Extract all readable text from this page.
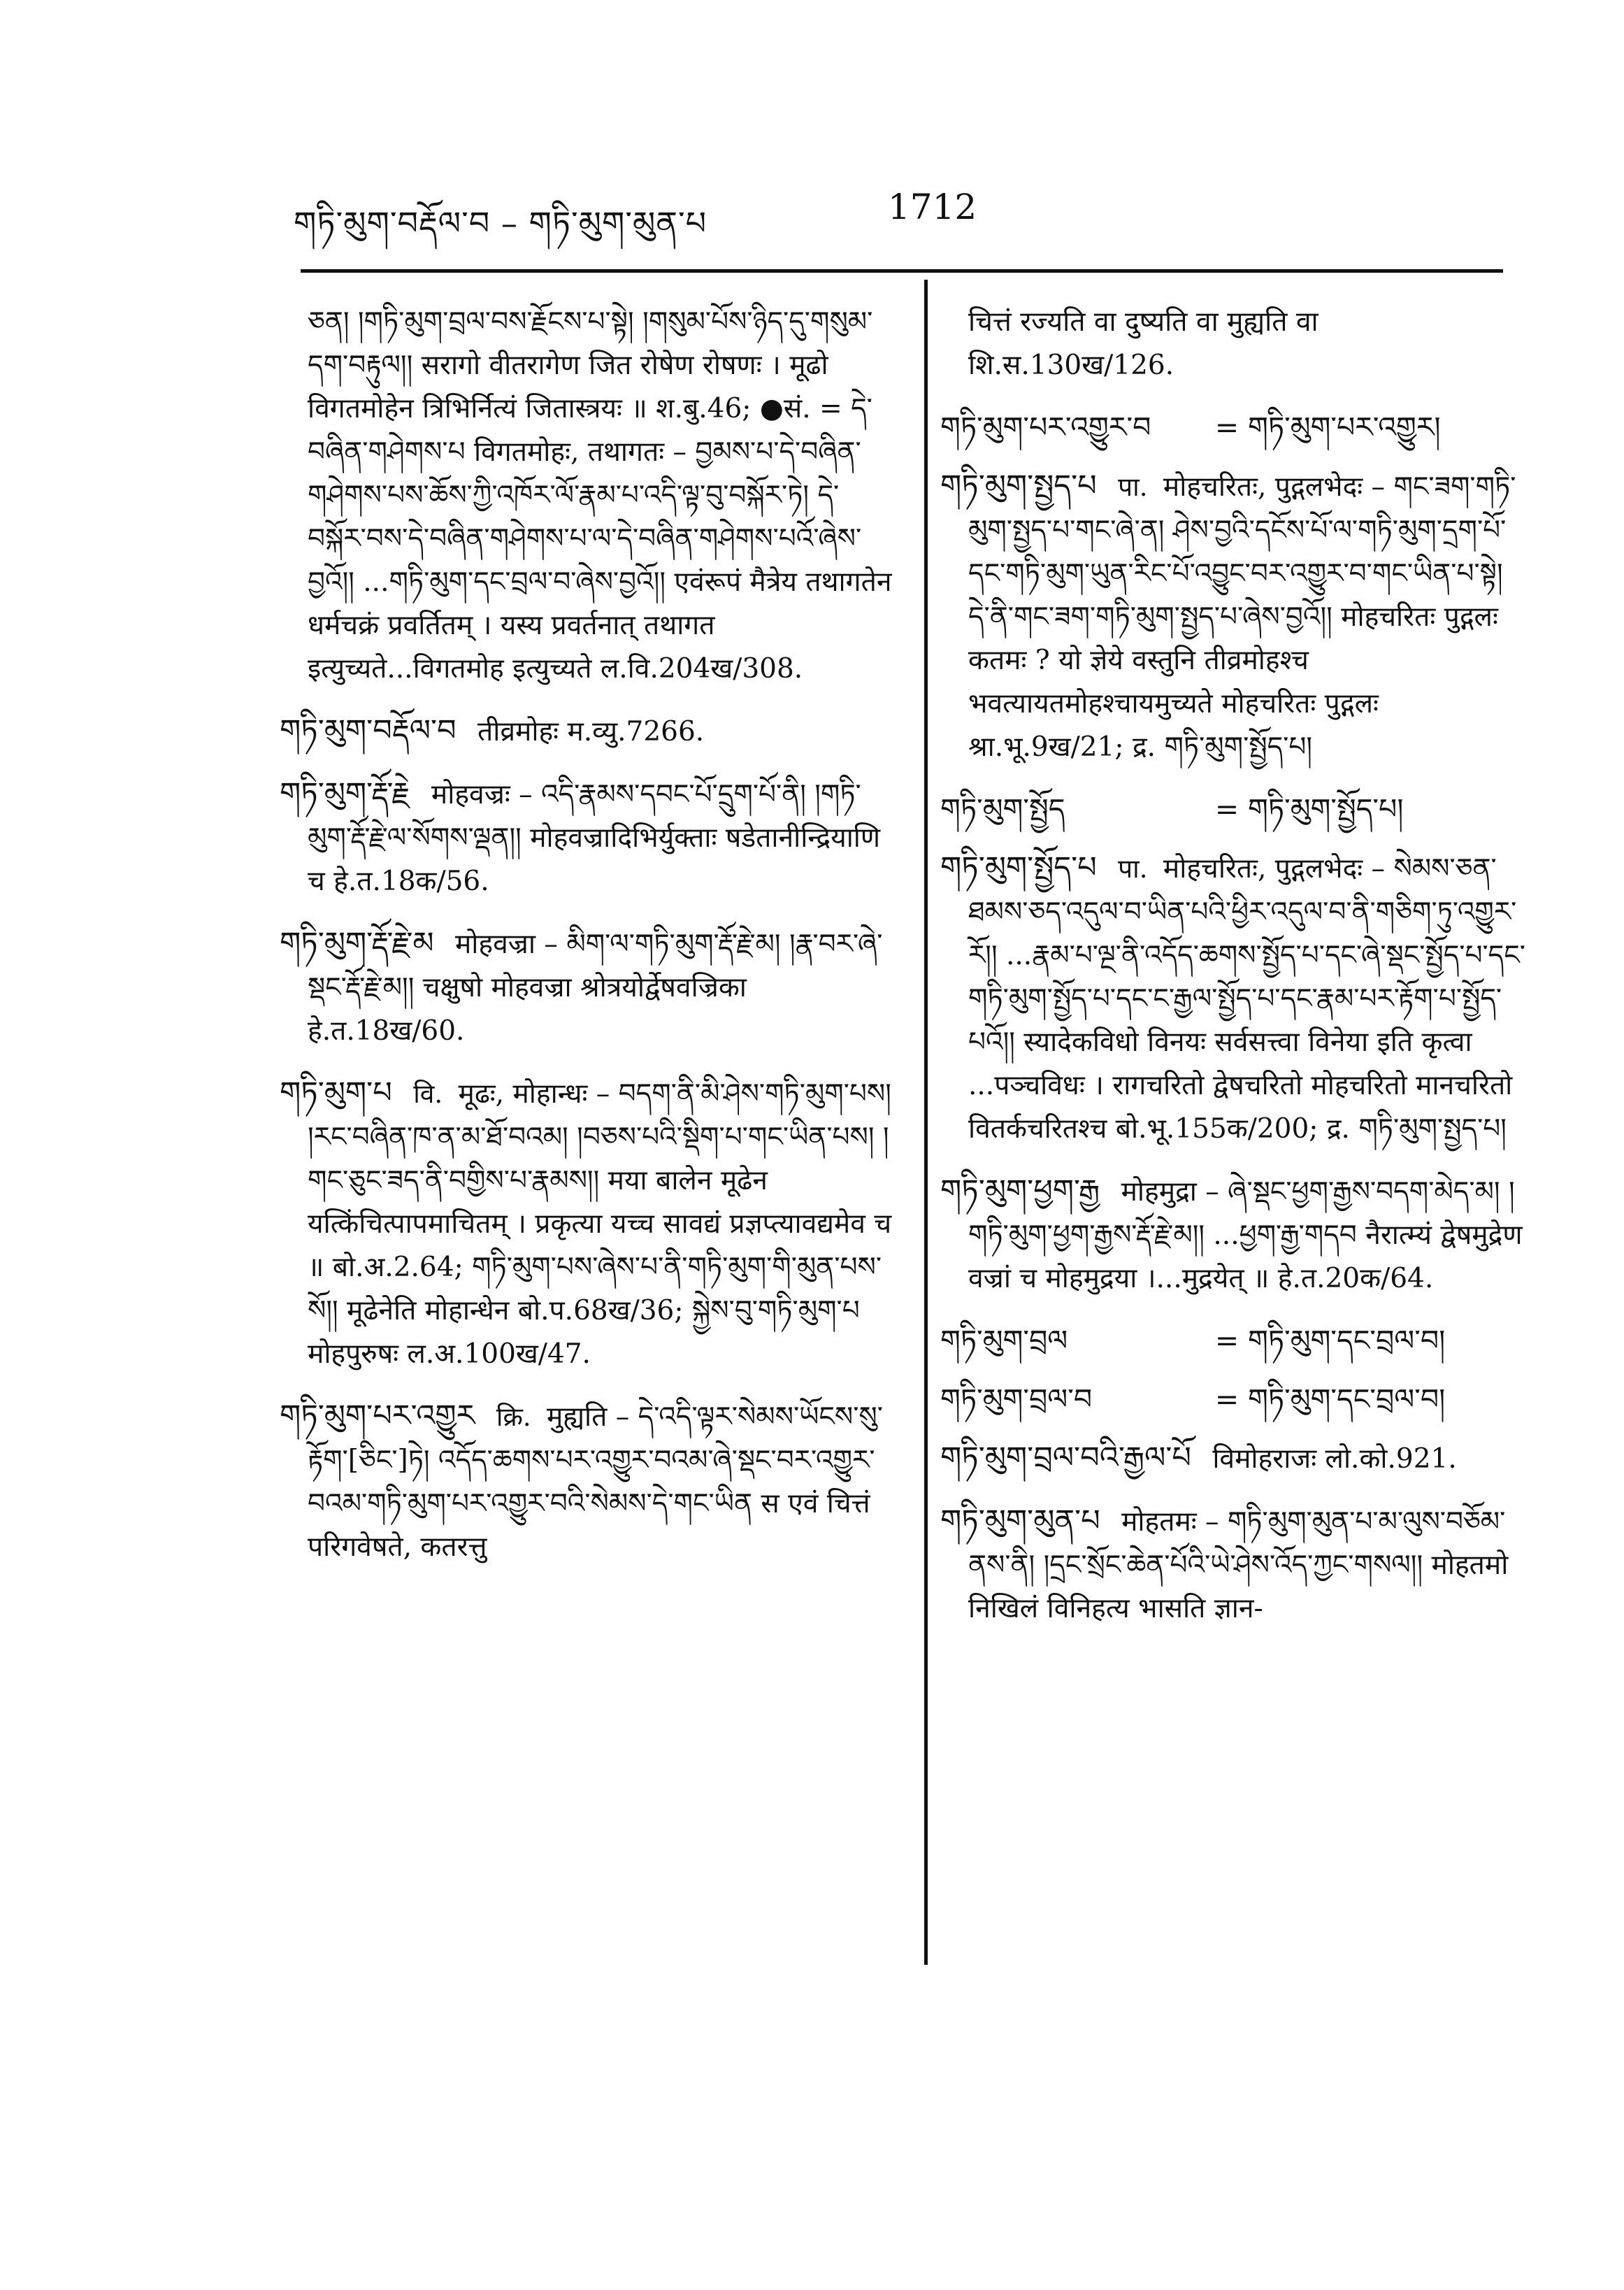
གཏི་མུག་བརྡོལ་བ – གཏི་མུག་མུན་པ	1712

ཅན། །གཏི་མུག་བྲལ་བས་རྗོངས་པ་སྟེ། །གསུམ་པོས་ཉིད་དུ་གསུམ་དག་བརྟུལ།། सरागो वीतरागेण जित रोषेण रोषणः । मूढो विगतमोहेन त्रिभिर्नित्यं जितास्त्रयः ॥ श.बु.46; ●सं. = དེ་བཞིན་གཤེགས་པ विगतमोहः, तथागतः – བྱམས་པ་དེ་བཞིན་གཤེགས་པས་ཆོས་ཀྱི་འཁོར་ལོ་རྣམ་པ་འདི་ལྟ་བུ་བསྐོར་ཏེ། དེ་བསྐོར་བས་དེ་བཞིན་གཤེགས་པ་ལ་དེ་བཞིན་གཤེགས་པའོ་ཞེས་བྱའོ།། ...གཏི་མུག་དང་བྲལ་བ་ཞེས་བྱའོ།། एवंरूपं मैत्रेय तथागतेन धर्मचक्रं प्रवर्तितम् । यस्य प्रवर्तनात् तथागत इत्युच्यते...विगतमोह इत्युच्यते ल.वि.204ख/308.

གཏི་མུག་བརྡོལ་བ तीव्रमोहः म.व्यु.7266.

གཏི་མུག་རྡོ་རྗེ मोहवज्रः – འདི་རྣམས་དབང་པོ་དྲུག་པོ་ནི། །གཏི་མུག་རྡོ་རྗེ་ལ་སོགས་ལྡན།། मोहवज्रादिभिर्युक्ताः षडेतानीन्द्रियाणि च हे.त.18क/56.

གཏི་མུག་རྡོ་རྗེ་མ मोहवज्रा – མིག་ལ་གཏི་མུག་རྡོ་རྗེ་མ། །རྣ་བར་ཞེ་སྡང་རྡོ་རྗེ་མ།། चक्षुषो मोहवज्रा श्रोत्रयोर्द्वेषवज्रिका हे.त.18ख/60.

གཏི་མུག་པ वि. मूढः, मोहान्धः – བདག་ནི་མི་ཤེས་གཏི་མུག་པས། །རང་བཞིན་ཁ་ན་མ་ཐོ་བའམ། །བཅས་པའི་སྡིག་པ་གང་ཡིན་པས། །གང་ཅུང་ཟད་ནི་བགྱིས་པ་རྣམས།། मया बालेन मूढेन यत्किंचित्पापमाचितम् । प्रकृत्या यच्च सावद्यं प्रज्ञप्त्यावद्यमेव च ॥ बो.अ.2.64; གཏི་མུག་པས་ཞེས་པ་ནི་གཏི་མུག་གི་མུན་པས་སོ།། मूढेनेति मोहान्धेन बो.प.68ख/36; སྐྱེས་བུ་གཏི་མུག་པ मोहपुरुषः ल.अ.100ख/47.

གཏི་མུག་པར་འགྱུར क्रि. मुह्यति – དེ་འདི་ལྟར་སེམས་ཡོངས་སུ་རྟོག་[ཅིང་]ཏེ། འདོད་ཆགས་པར་འགྱུར་བའམ་ཞེ་སྡང་བར་འགྱུར་བའམ་གཏི་མུག་པར་འགྱུར་བའི་སེམས་དེ་གང་ཡིན स एवं चित्तं परिगवेषते, कतरत्तु

चित्तं रज्यति वा दुष्यति वा मुह्यति वा शि.स.130ख/126.

གཏི་མུག་པར་འགྱུར་བ	= གཏི་མུག་པར་འགྱུར།

གཏི་མུག་སྤྱད་པ पा. मोहचरितः, पुद्गलभेदः – གང་ཟག་གཏི་མུག་སྤྱད་པ་གང་ཞེ་ན། ཤེས་བྱའི་དངོས་པོ་ལ་གཏི་མུག་དྲག་པོ་དང་གཏི་མུག་ཡུན་རིང་པོ་འབྱུང་བར་འགྱུར་བ་གང་ཡིན་པ་སྟེ། དེ་ནི་གང་ཟག་གཏི་མུག་སྤྱད་པ་ཞེས་བྱའོ།། मोहचरितः पुद्गलः कतमः ? यो ज्ञेये वस्तुनि तीव्रमोहश्च भवत्यायतमोहश्चायमुच्यते मोहचरितः पुद्गलः श्रा.भू.9ख/21; द्र. གཏི་མུག་སྤྱོད་པ།

གཏི་མུག་སྤྱོད	= གཏི་མུག་སྤྱོད་པ།

གཏི་མུག་སྤྱོད་པ पा. मोहचरितः, पुद्गलभेदः – སེམས་ཅན་ཐམས་ཅད་འདུལ་བ་ཡིན་པའི་ཕྱིར་འདུལ་བ་ནི་གཅིག་ཏུ་འགྱུར་རོ།། ...རྣམ་པ་ལྔ་ནི་འདོད་ཆགས་སྤྱོད་པ་དང་ཞེ་སྡང་སྤྱོད་པ་དང་གཏི་མུག་སྤྱོད་པ་དང་ང་རྒྱལ་སྤྱོད་པ་དང་རྣམ་པར་རྟོག་པ་སྤྱོད་པའོ།། स्यादेकविधो विनयः सर्वसत्त्वा विनेया इति कृत्वा ...पञ्चविधः । रागचरितो द्वेषचरितो मोहचरितो मानचरितो वितर्कचरितश्च बो.भू.155क/200; द्र. གཏི་མུག་སྤྱད་པ།

གཏི་མུག་ཕྱག་རྒྱ मोहमुद्रा – ཞེ་སྡང་ཕྱག་རྒྱས་བདག་མེད་མ། །གཏི་མུག་ཕྱག་རྒྱས་རྡོ་རྗེ་མ།། ...ཕྱག་རྒྱ་གདབ नैरात्म्यं द्वेषमुद्रेण वज्रां च मोहमुद्रया ।...मुद्रयेत् ॥ हे.त.20क/64.

གཏི་མུག་བྲལ	= གཏི་མུག་དང་བྲལ་བ།
གཏི་མུག་བྲལ་བ	= གཏི་མུག་དང་བྲལ་བ།

གཏི་མུག་བྲལ་བའི་རྒྱལ་པོ विमोहराजः लो.को.921.

གཏི་མུག་མུན་པ मोहतमः – གཏི་མུག་མུན་པ་མ་ལུས་བཅོམ་ནས་ནི། །དྲང་སྲོང་ཆེན་པོའི་ཡེ་ཤེས་འོད་ཀྱང་གསལ།། मोहतमो निखिलं विनिहत्य भासति ज्ञान-
